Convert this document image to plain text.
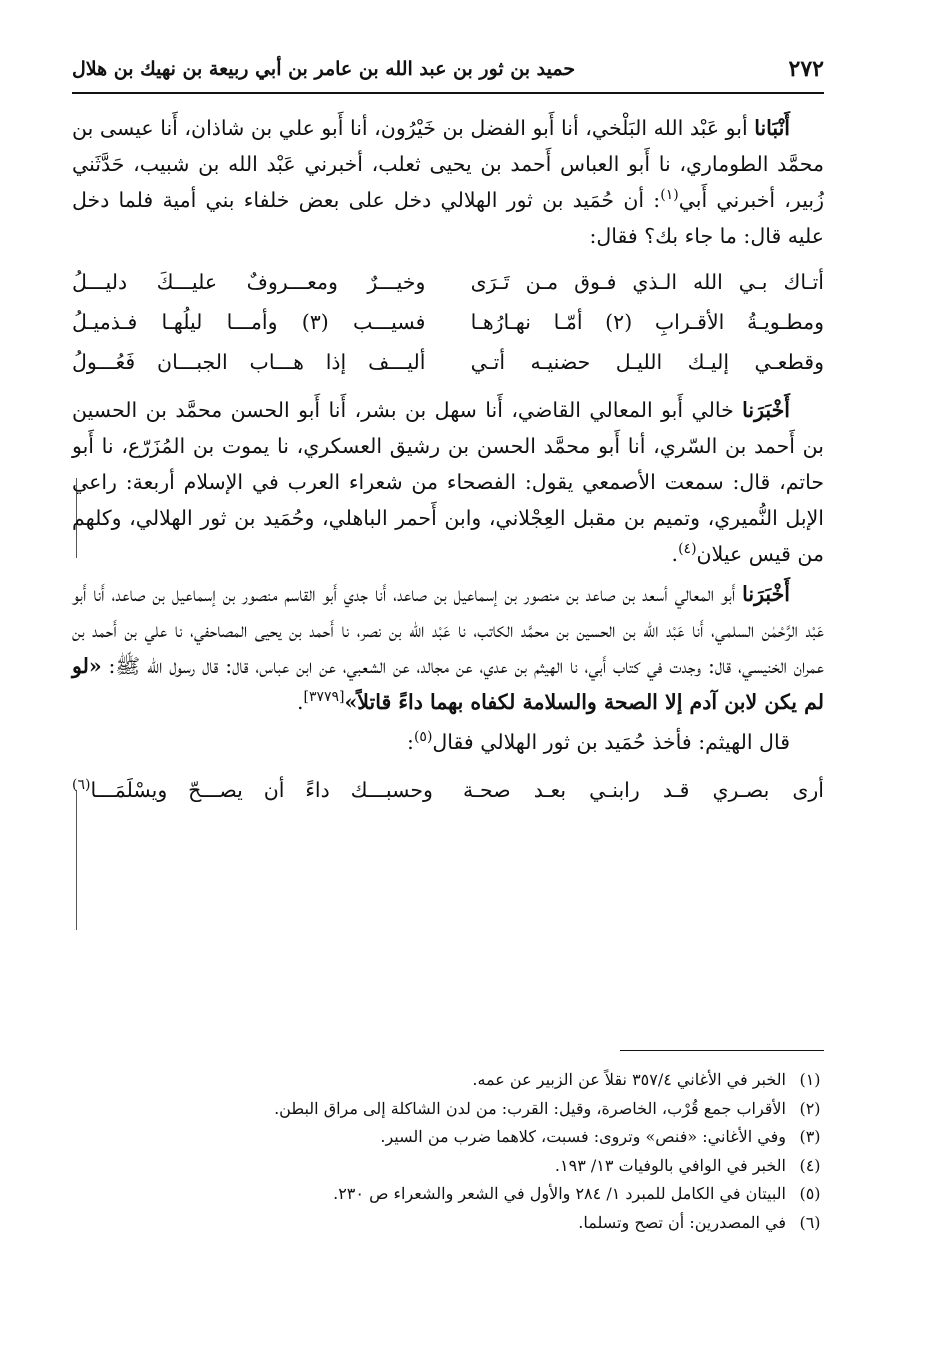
٢٧٢
حميد بن ثور بن عبد الله بن عامر بن أبي ربيعة بن نهيك بن هلال

أَنْبَانا أبو عَبْد الله البَلْخي، أنا أَبو الفضل بن خَيْرُون، أنا أَبو علي بن شاذان، أَنا عيسى بن محمَّد الطوماري، نا أَبو العباس أَحمد بن يحيى ثعلب، أخبرني عَبْد الله بن شبيب، حَدَّثَني زُبير، أخبرني أَبي$^{(١)}$: أن حُمَيد بن ثور الهلالي دخل على بعض خلفاء بني أمية فلما دخل عليه قال: ما جاء بك؟ فقال:

أتـاك بـي الله الـذي فـوق مـن تَـرَى
وخيـــرٌ ومعـــروفٌ عليـــكَ دليـــلُ
ومطـويـةُ الأقـرابِ (٢) أمّـا نهـارُهـا
فسيـــب (٣) وأمـــا ليلُهـا فـذميـلُ
وقطعـي إليـك الليـل حضنيـه أتـي
أليـــف إذا هـــاب الجبـــان فَعُـــولُ

أَخْبَرَنا خالي أَبو المعالي القاضي، أَنا سهل بن بشر، أَنا أَبو الحسن محمَّد بن الحسين بن أَحمد بن السّري، أنا أَبو محمَّد الحسن بن رشيق العسكري، نا يموت بن المُزَرّع، نا أَبو حاتم، قال: سمعت الأصمعي يقول: الفصحاء من شعراء العرب في الإسلام أربعة: راعي الإبل النُّميري، وتميم بن مقبل العِجْلاني، وابن أَحمر الباهلي، وحُمَيد بن ثور الهلالي، وكلهم من قيس عيلان$^{(٤)}$.

أَخْبَرَنا أَبو المعالي أسعد بن صاعد بن منصور بن إسماعيل بن صاعد، أَنا جدي أَبو القاسم منصور بن إسماعيل بن صاعد، أَنا أَبو عَبْد الرَّحْمٰن السلمي، أَنا عَبْد الله بن الحسين بن محمَّد الكاتب، نا عَبْد الله بن نصر، نا أَحمد بن يحيى المصاحفي، نا علي بن أَحمد بن عمران الخنيسي، قال: وجدت في كتاب أَبي، نا الهيثم بن عدي، عن مجالد، عن الشعبي، عن ابن عباس، قال: قال رسول الله ﷺ: «لو لم يكن لابن آدم إلا الصحة والسلامة لكفاه بهما داءً قاتلاً»[٣٧٧٩].

قال الهيثم: فأخذ حُمَيد بن ثور الهلالي فقال$^{(٥)}$:

أرى بصـري قـد رابنـي بعـد صحـة
وحسبـــك داءً أن يصـــحّ ويسْلَمَـــا$^{(٦)}$
(١)
الخبر في الأغاني ٣٥٧/٤ نقلاً عن الزبير عن عمه.
(٢)
الأقراب جمع قُرْب، الخاصرة، وقيل: القرب: من لدن الشاكلة إلى مراق البطن.
(٣)
وفي الأغاني: «فنص» وتروى: فسبت، كلاهما ضرب من السير.
(٤)
الخبر في الوافي بالوفيات ١٣/ ١٩٣.
(٥)
البيتان في الكامل للمبرد ١/ ٢٨٤ والأول في الشعر والشعراء ص ٢٣٠.
(٦)
في المصدرين: أن تصح وتسلما.
